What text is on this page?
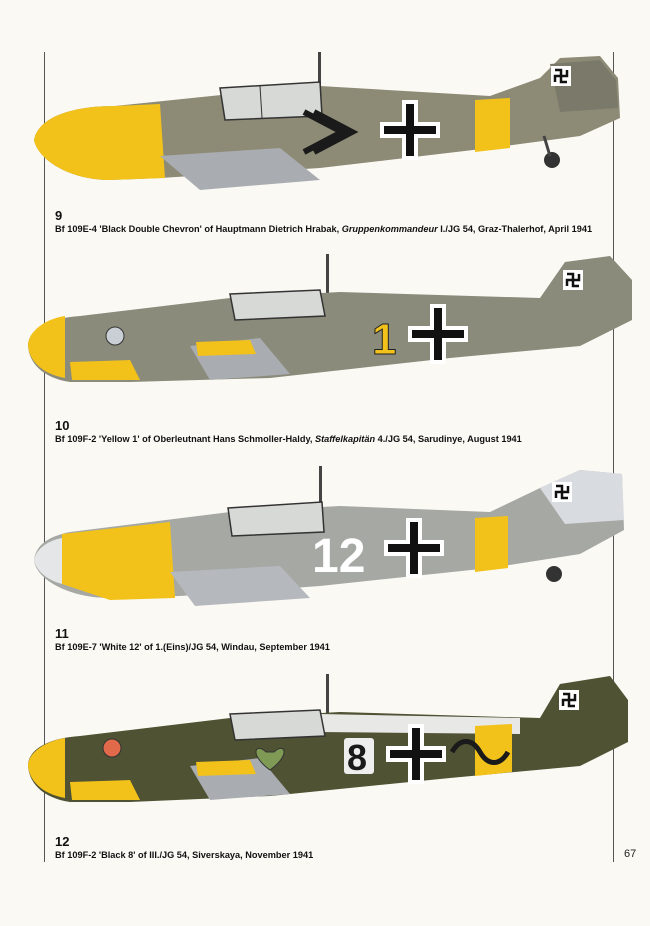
9
Bf 109E-4 'Black Double Chevron' of Hauptmann Dietrich Hrabak, Gruppenkommandeur I./JG 54, Graz-Thalerhof, April 1941
1
10
Bf 109F-2 'Yellow 1' of Oberleutnant Hans Schmoller-Haldy, Staffelkapitän 4./JG 54, Sarudinye, August 1941
12
11
Bf 109E-7 'White 12' of 1.(Eins)/JG 54, Windau, September 1941
8
12
Bf 109F-2 'Black 8' of III./JG 54, Siverskaya, November 1941	67
